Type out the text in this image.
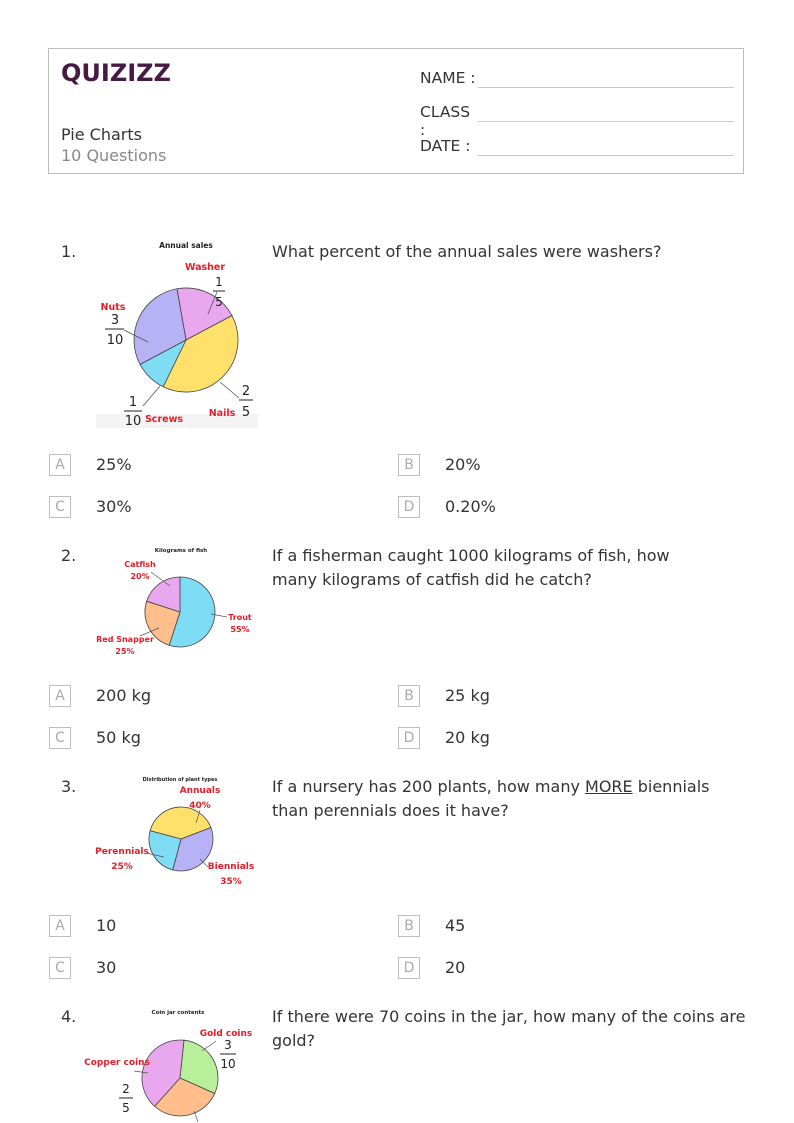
QUIZIZZ
Pie Charts
10 Questions
NAME :
CLASS :
DATE :
1.	What percent of the annual sales were washers?
Annual sales
Washer
1
5
Nuts
3
10
2
5
Nails
1
10 Screws
A	25%	B	20%
C	30%	D	0.20%
2.	If a fisherman caught 1000 kilograms of fish, how many kilograms of catfish did he catch?
Kilograms of fish
Catfish
20%
Trout
55%
Red Snapper
25%
A	200 kg	B	25 kg
C	50 kg	D	20 kg
3.	If a nursery has 200 plants, how many MORE biennials than perennials does it have?
Distribution of plant types
Annuals
40%
Perennials
25%	Biennials
35%
A	10	B	45
C	30	D	20
4.	If there were 70 coins in the jar, how many of the coins are gold?
Coin jar contents
Gold coins
3
10
Copper coins
2
5
